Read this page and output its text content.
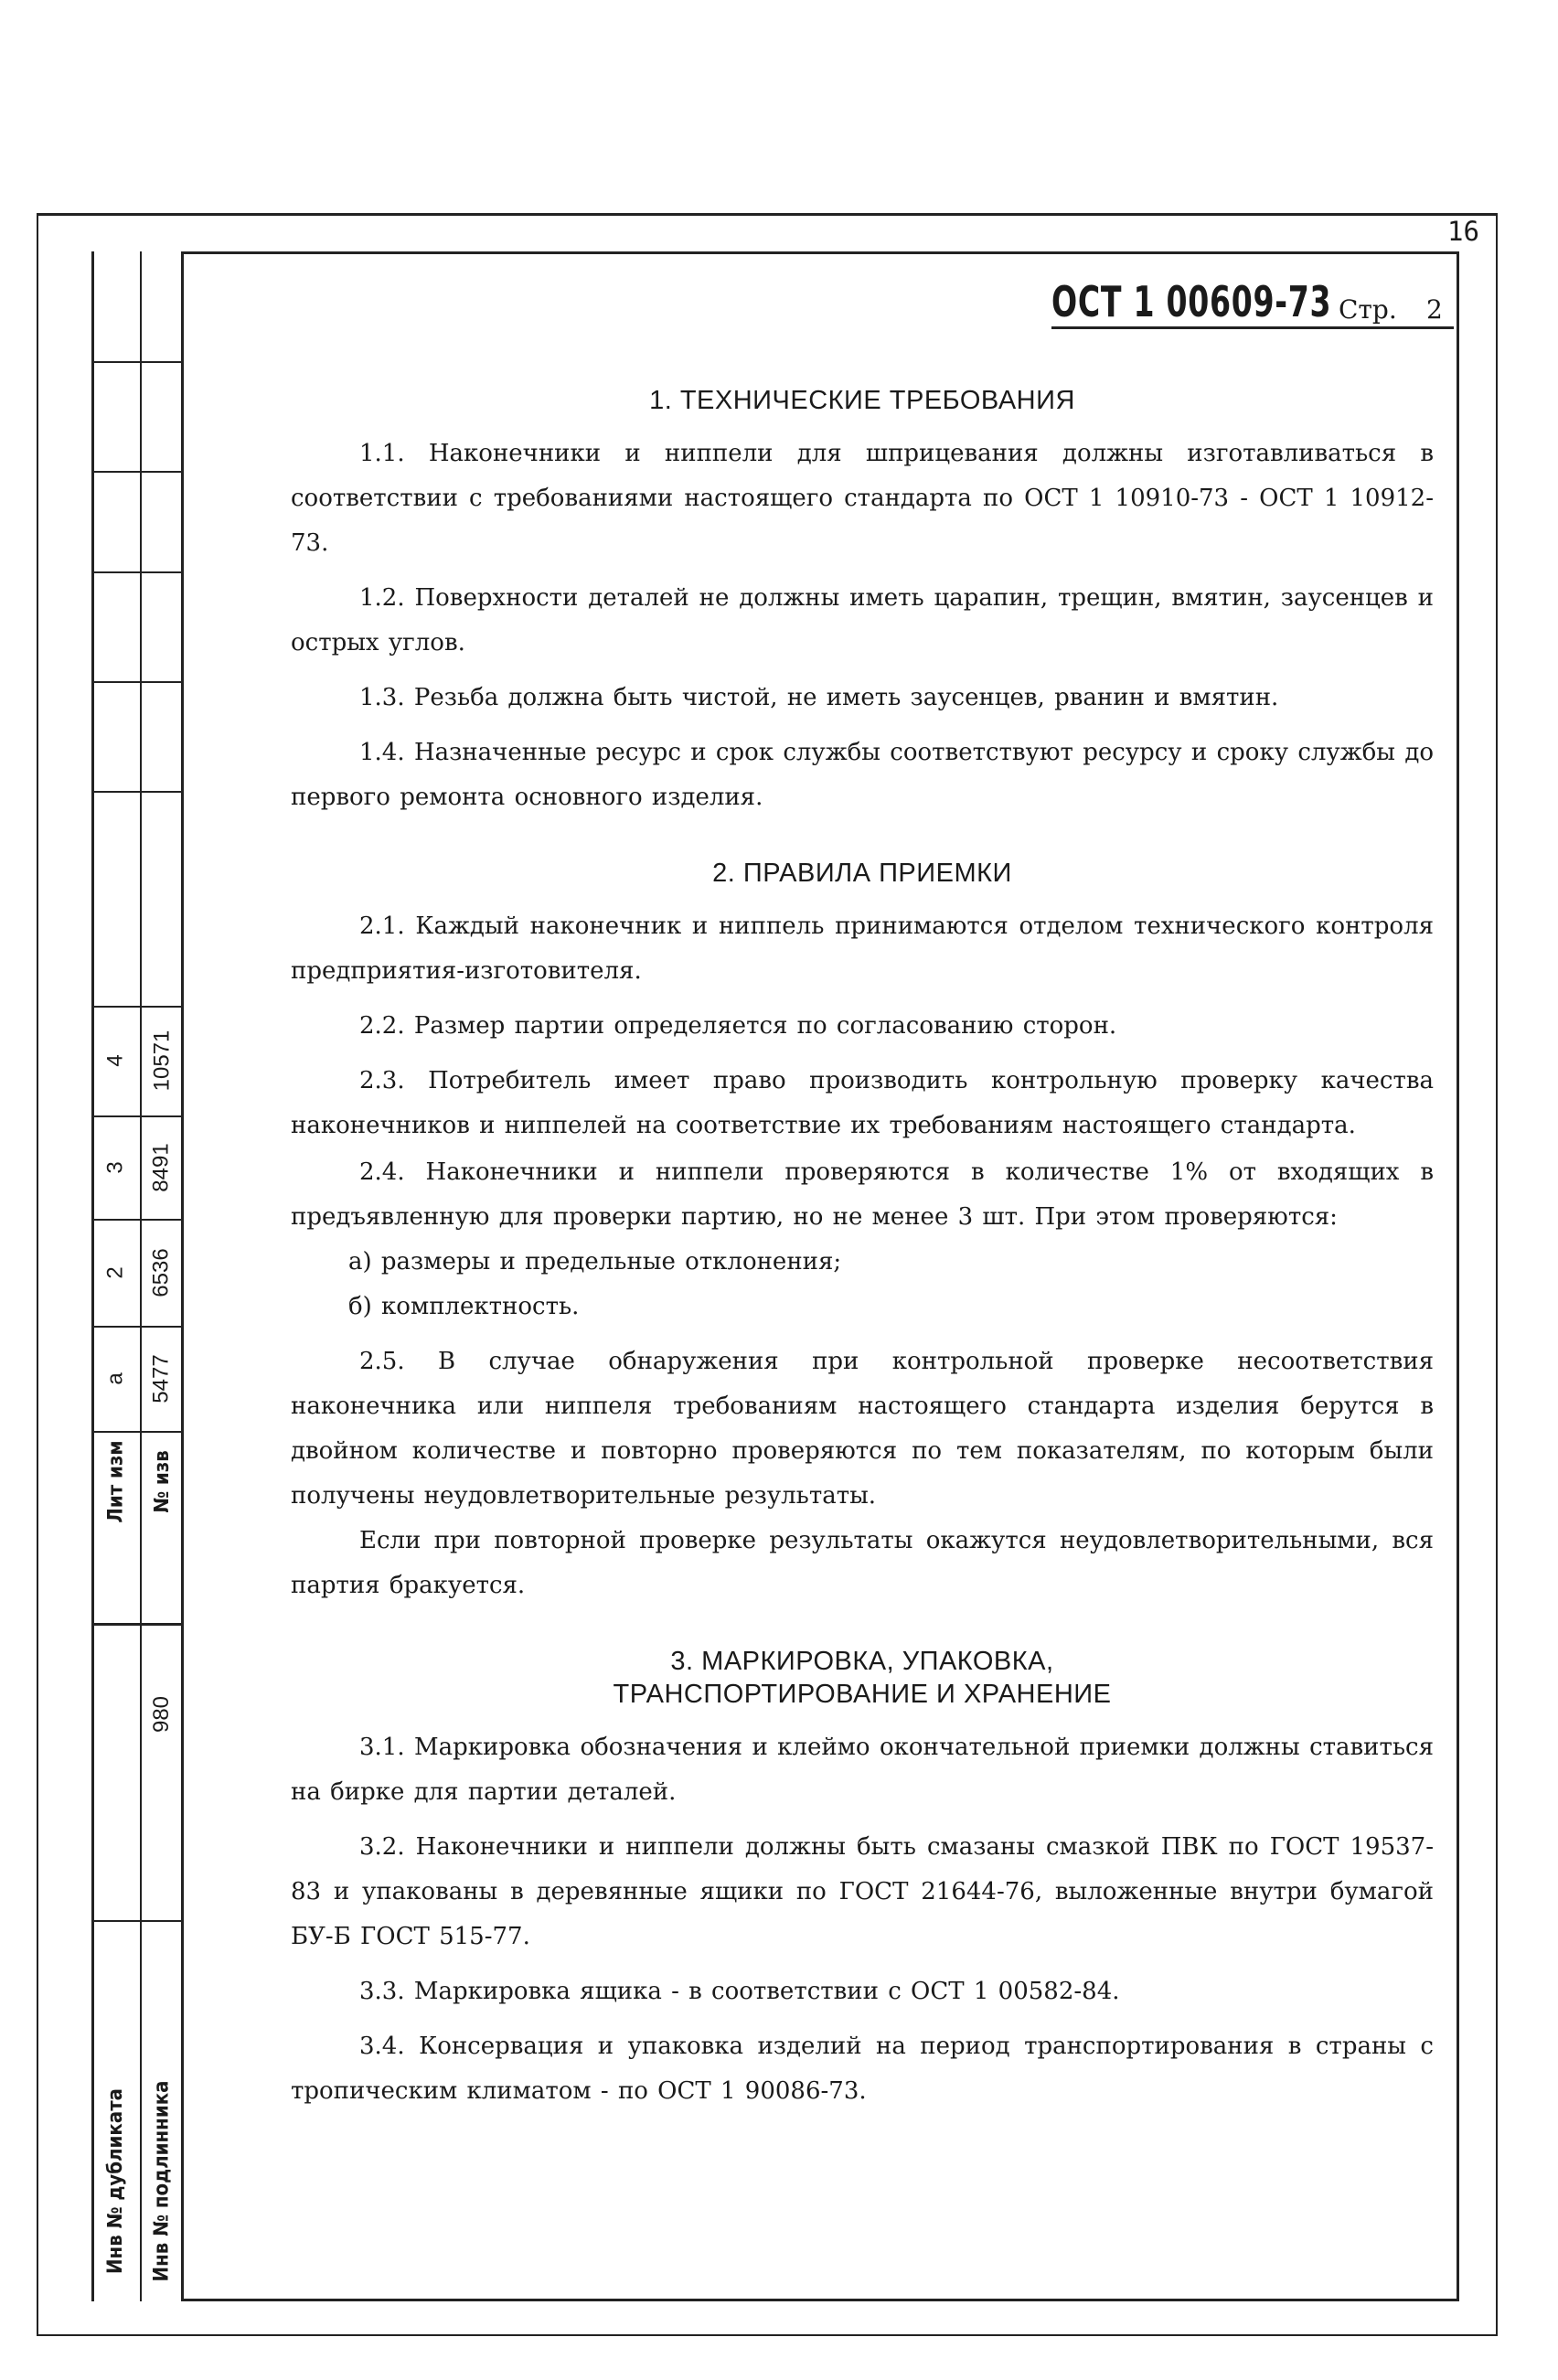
16
4
3
2
а
Лит изм
10571
8491
6536
5477
№ изв
980
Инв № дубликата Инв № подлинника
ОСТ 1 00609-73 Стр. 2
1. ТЕХНИЧЕСКИЕ ТРЕБОВАНИЯ

1.1. Наконечники и ниппели для шприцевания должны изготавливаться в соответствии с требованиями настоящего стандарта по ОСТ 1 10910-73 - ОСТ 1 10912-73.

1.2. Поверхности деталей не должны иметь царапин, трещин, вмятин, заусенцев и острых углов.

1.3. Резьба должна быть чистой, не иметь заусенцев, рванин и вмятин.

1.4. Назначенные ресурс и срок службы соответствуют ресурсу и сроку службы до первого ремонта основного изделия.

2. ПРАВИЛА ПРИЕМКИ

2.1. Каждый наконечник и ниппель принимаются отделом технического контроля предприятия-изготовителя.

2.2. Размер партии определяется по согласованию сторон.

2.3. Потребитель имеет право производить контрольную проверку качества наконечников и ниппелей на соответствие их требованиям настоящего стандарта.

2.4. Наконечники и ниппели проверяются в количестве 1% от входящих в предъявленную для проверки партию, но не менее 3 шт. При этом проверяются:

а) размеры и предельные отклонения;

б) комплектность.

2.5. В случае обнаружения при контрольной проверке несоответствия наконечника или ниппеля требованиям настоящего стандарта изделия берутся в двойном количестве и повторно проверяются по тем показателям, по которым были получены неудовлетворительные результаты.

Если при повторной проверке результаты окажутся неудовлетворительными, вся партия бракуется.

3. МАРКИРОВКА, УПАКОВКА,
ТРАНСПОРТИРОВАНИЕ И ХРАНЕНИЕ

3.1. Маркировка обозначения и клеймо окончательной приемки должны ставиться на бирке для партии деталей.

3.2. Наконечники и ниппели должны быть смазаны смазкой ПВК по ГОСТ 19537-83 и упакованы в деревянные ящики по ГОСТ 21644-76, выложенные внутри бумагой БУ-Б ГОСТ 515-77.

3.3. Маркировка ящика - в соответствии с ОСТ 1 00582-84.

3.4. Консервация и упаковка изделий на период транспортирования в страны с тропическим климатом - по ОСТ 1 90086-73.
